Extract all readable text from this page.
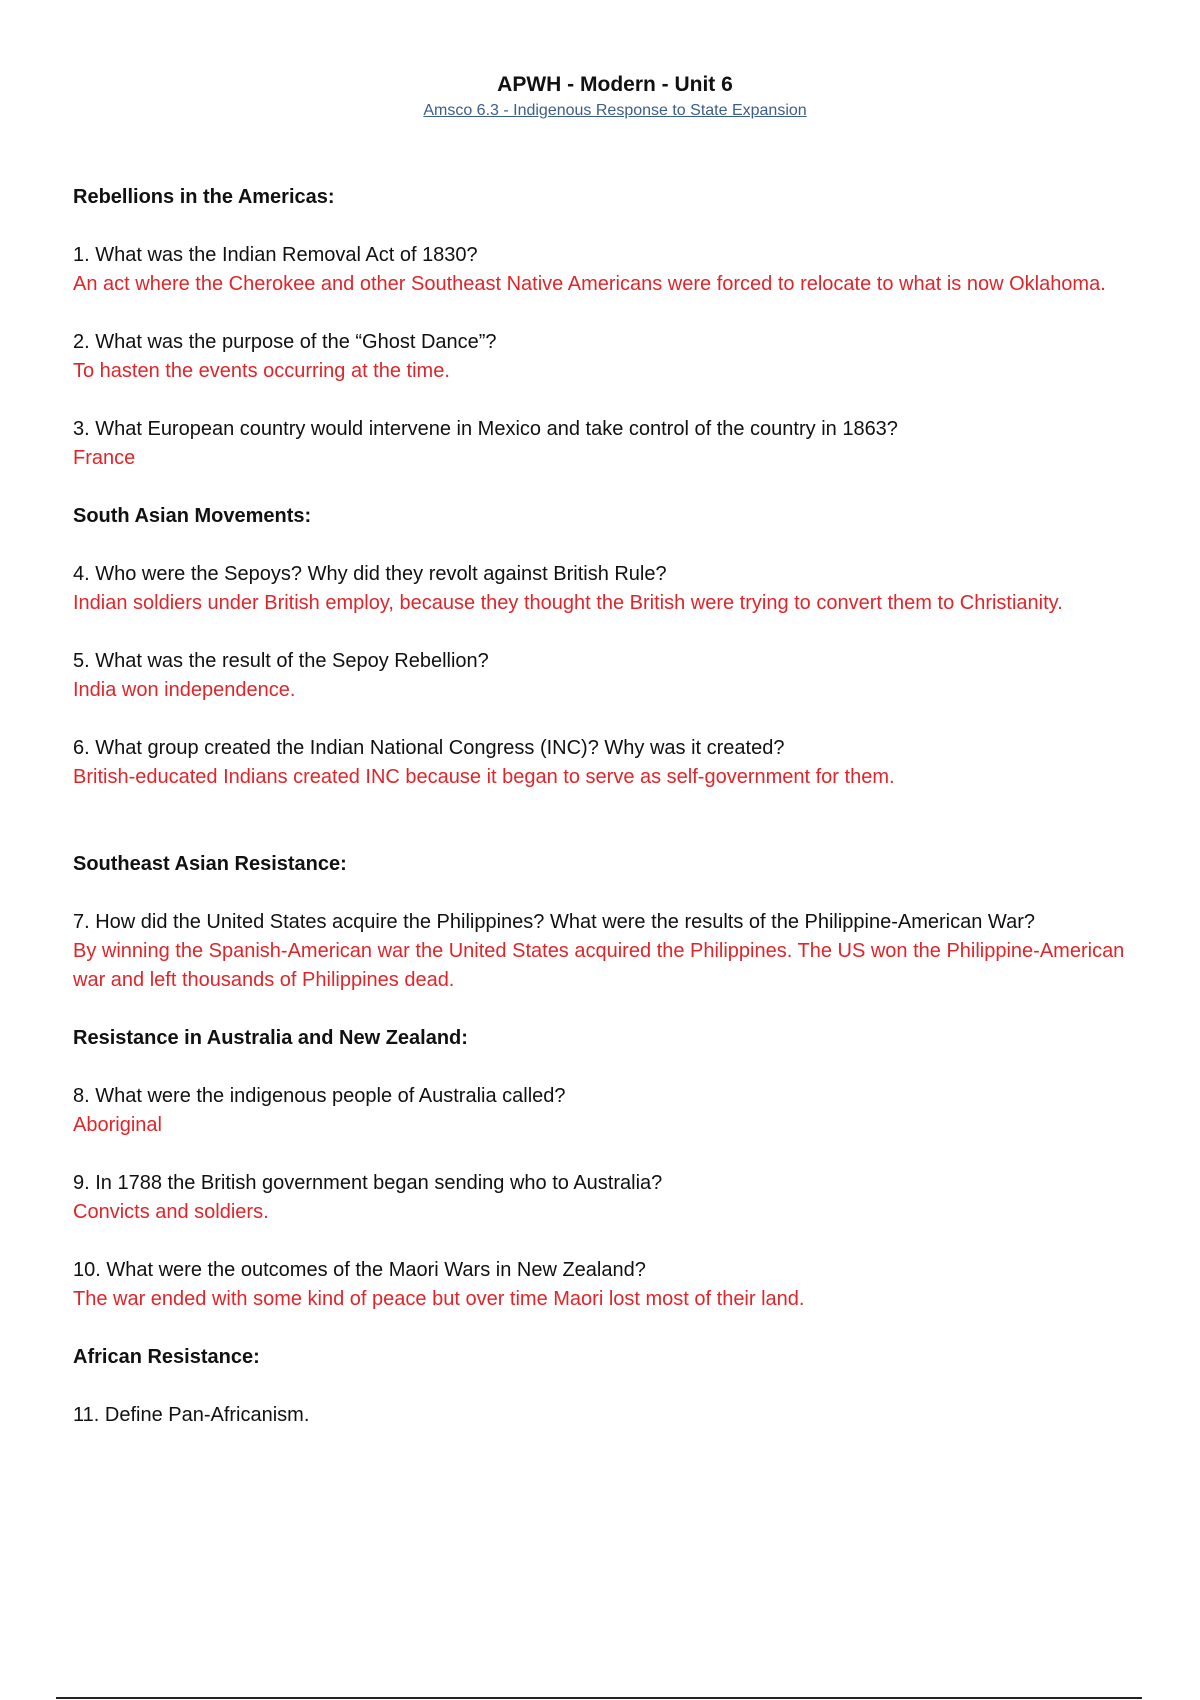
APWH - Modern - Unit 6
Amsco 6.3 - Indigenous Response to State Expansion
Rebellions in the Americas:

1. What was the Indian Removal Act of 1830?

An act where the Cherokee and other Southeast Native Americans were forced to relocate to what is now Oklahoma.

2. What was the purpose of the “Ghost Dance”?

To hasten the events occurring at the time.

3. What European country would intervene in Mexico and take control of the country in 1863?

France

South Asian Movements:

4. Who were the Sepoys? Why did they revolt against British Rule?

Indian soldiers under British employ, because they thought the British were trying to convert them to Christianity.

5. What was the result of the Sepoy Rebellion?

India won independence.

6. What group created the Indian National Congress (INC)? Why was it created?

British-educated Indians created INC because it began to serve as self-government for them.

Southeast Asian Resistance:

7. How did the United States acquire the Philippines? What were the results of the Philippine-American War?

By winning the Spanish-American war the United States acquired the Philippines. The US won the Philippine-American war and left thousands of Philippines dead.

Resistance in Australia and New Zealand:

8. What were the indigenous people of Australia called?

Aboriginal

9. In 1788 the British government began sending who to Australia?

Convicts and soldiers.

10. What were the outcomes of the Maori Wars in New Zealand?

The war ended with some kind of peace but over time Maori lost most of their land.

African Resistance:

11. Define Pan-Africanism.
